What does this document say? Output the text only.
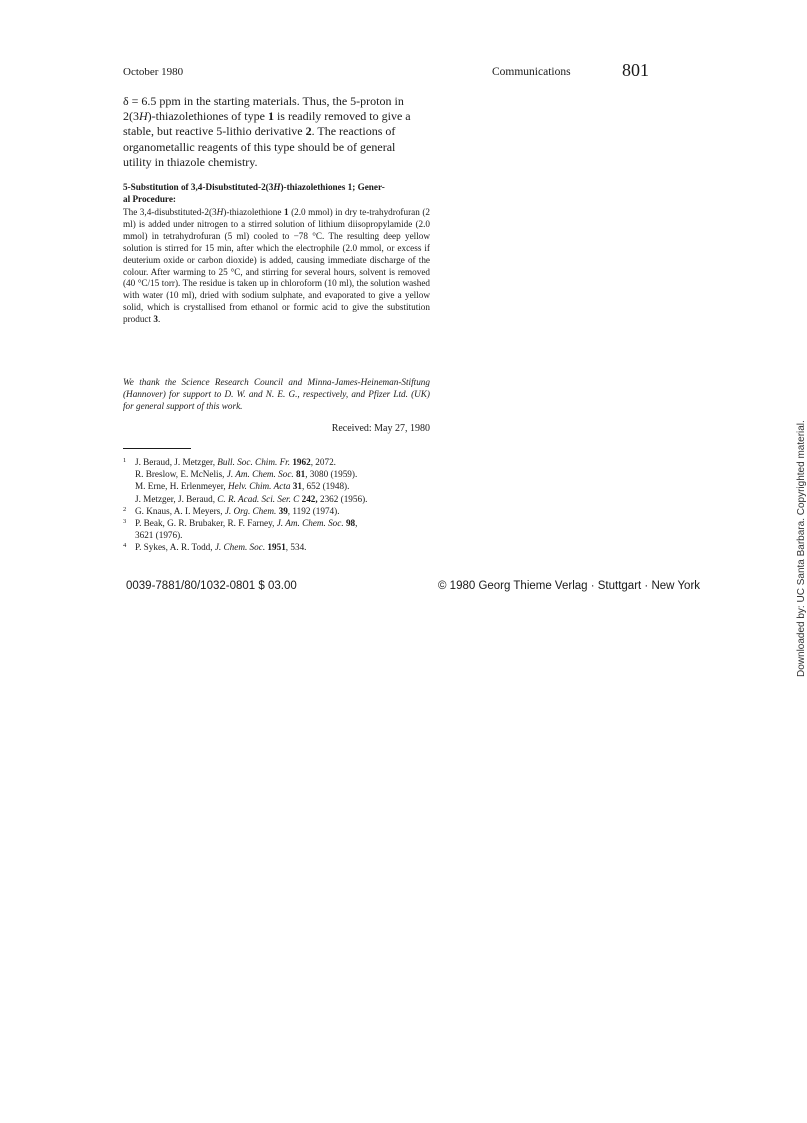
October 1980	Communications	801
δ = 6.5 ppm in the starting materials. Thus, the 5-proton in
2(3H)-thiazolethiones of type 1 is readily removed to give a
stable, but reactive 5-lithio derivative 2. The reactions of
organometallic reagents of this type should be of general
utility in thiazole chemistry.
5-Substitution of 3,4-Disubstituted-2(3H)-thiazolethiones 1; Gener-
al Procedure:
The 3,4-disubstituted-2(3H)-thiazolethione 1 (2.0 mmol) in dry te-trahydrofuran (2 ml) is added under nitrogen to a stirred solution of lithium diisopropylamide (2.0 mmol) in tetrahydrofuran (5 ml) cooled to −78 °C. The resulting deep yellow solution is stirred for 15 min, after which the electrophile (2.0 mmol, or excess if deuterium oxide or carbon dioxide) is added, causing immediate discharge of the colour. After warming to 25 °C, and stirring for several hours, solvent is removed (40 °C/15 torr). The residue is taken up in chloroform (10 ml), the solution washed with water (10 ml), dried with sodium sulphate, and evaporated to give a yellow solid, which is crystallised from ethanol or formic acid to give the substitution product 3.
We thank the Science Research Council and Minna-James-Heineman-Stiftung (Hannover) for support to D. W. and N. E. G., respectively, and Pfizer Ltd. (UK) for general support of this work.
Received: May 27, 1980
1 J. Beraud, J. Metzger, Bull. Soc. Chim. Fr. 1962, 2072.
R. Breslow, E. McNelis, J. Am. Chem. Soc. 81, 3080 (1959).
M. Erne, H. Erlenmeyer, Helv. Chim. Acta 31, 652 (1948).
J. Metzger, J. Beraud, C. R. Acad. Sci. Ser. C 242, 2362 (1956).
2 G. Knaus, A. I. Meyers, J. Org. Chem. 39, 1192 (1974).
3 P. Beak, G. R. Brubaker, R. F. Farney, J. Am. Chem. Soc. 98,
3621 (1976).
4 P. Sykes, A. R. Todd, J. Chem. Soc. 1951, 534.
0039-7881/80/1032-0801 $ 03.00	© 1980 Georg Thieme Verlag · Stuttgart · New York	Downloaded by: UC Santa Barbara. Copyrighted material.
